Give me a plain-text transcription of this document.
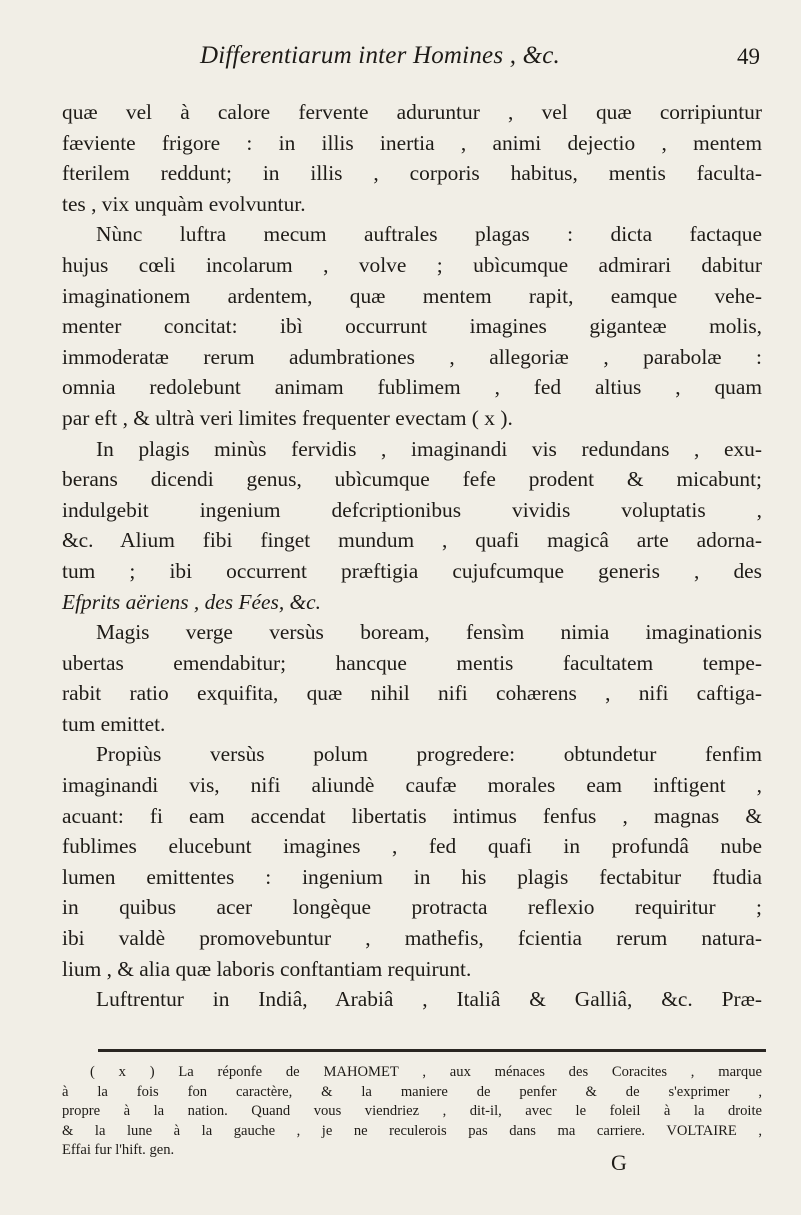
Differentiarum inter Homines , &c.	49
quæ vel à calore fervente aduruntur , vel quæ corripiuntur
fæviente frigore : in illis inertia , animi dejectio , mentem
fterilem reddunt; in illis , corporis habitus, mentis faculta-
tes , vix unquàm evolvuntur.
Nùnc luftra mecum auftrales plagas : dicta factaque
hujus cœli incolarum , volve ; ubìcumque admirari dabitur
imaginationem ardentem, quæ mentem rapit, eamque vehe-
menter concitat: ibì occurrunt imagines giganteæ molis,
immoderatæ rerum adumbrationes , allegoriæ , parabolæ :
omnia redolebunt animam fublimem , fed altius , quam
par eft , & ultrà veri limites frequenter evectam ( x ).
In plagis minùs fervidis , imaginandi vis redundans , exu-
berans dicendi genus, ubìcumque fefe prodent & micabunt;
indulgebit ingenium defcriptionibus vividis voluptatis ,
&c. Alium fibi finget mundum , quafi magicâ arte adorna-
tum ; ibi occurrent præftigia cujufcumque generis , des
Efprits aëriens , des Fées, &c.
Magis verge versùs boream, fensìm nimia imaginationis
ubertas emendabitur; hancque mentis facultatem tempe-
rabit ratio exquifita, quæ nihil nifi cohærens , nifi caftiga-
tum emittet.
Propiùs versùs polum progredere: obtundetur fenfim
imaginandi vis, nifi aliundè caufæ morales eam inftigent ,
acuant: fi eam accendat libertatis intimus fenfus , magnas &
fublimes elucebunt imagines , fed quafi in profundâ nube
lumen emittentes : ingenium in his plagis fectabitur ftudia
in quibus acer longèque protracta reflexio requiritur ;
ibi valdè promovebuntur , mathefis, fcientia rerum natura-
lium , & alia quæ laboris conftantiam requirunt.
Luftrentur in Indiâ, Arabiâ , Italiâ & Galliâ, &c. Præ-
( x ) La réponfe de MAHOMET , aux ménaces des Coracites , marque
à la fois fon caractère, & la maniere de penfer & de s'exprimer ,
propre à la nation. Quand vous viendriez , dit-il, avec le foleil à la droite
& la lune à la gauche , je ne reculerois pas dans ma carriere. VOLTAIRE ,
Effai fur l'hift. gen.	G
